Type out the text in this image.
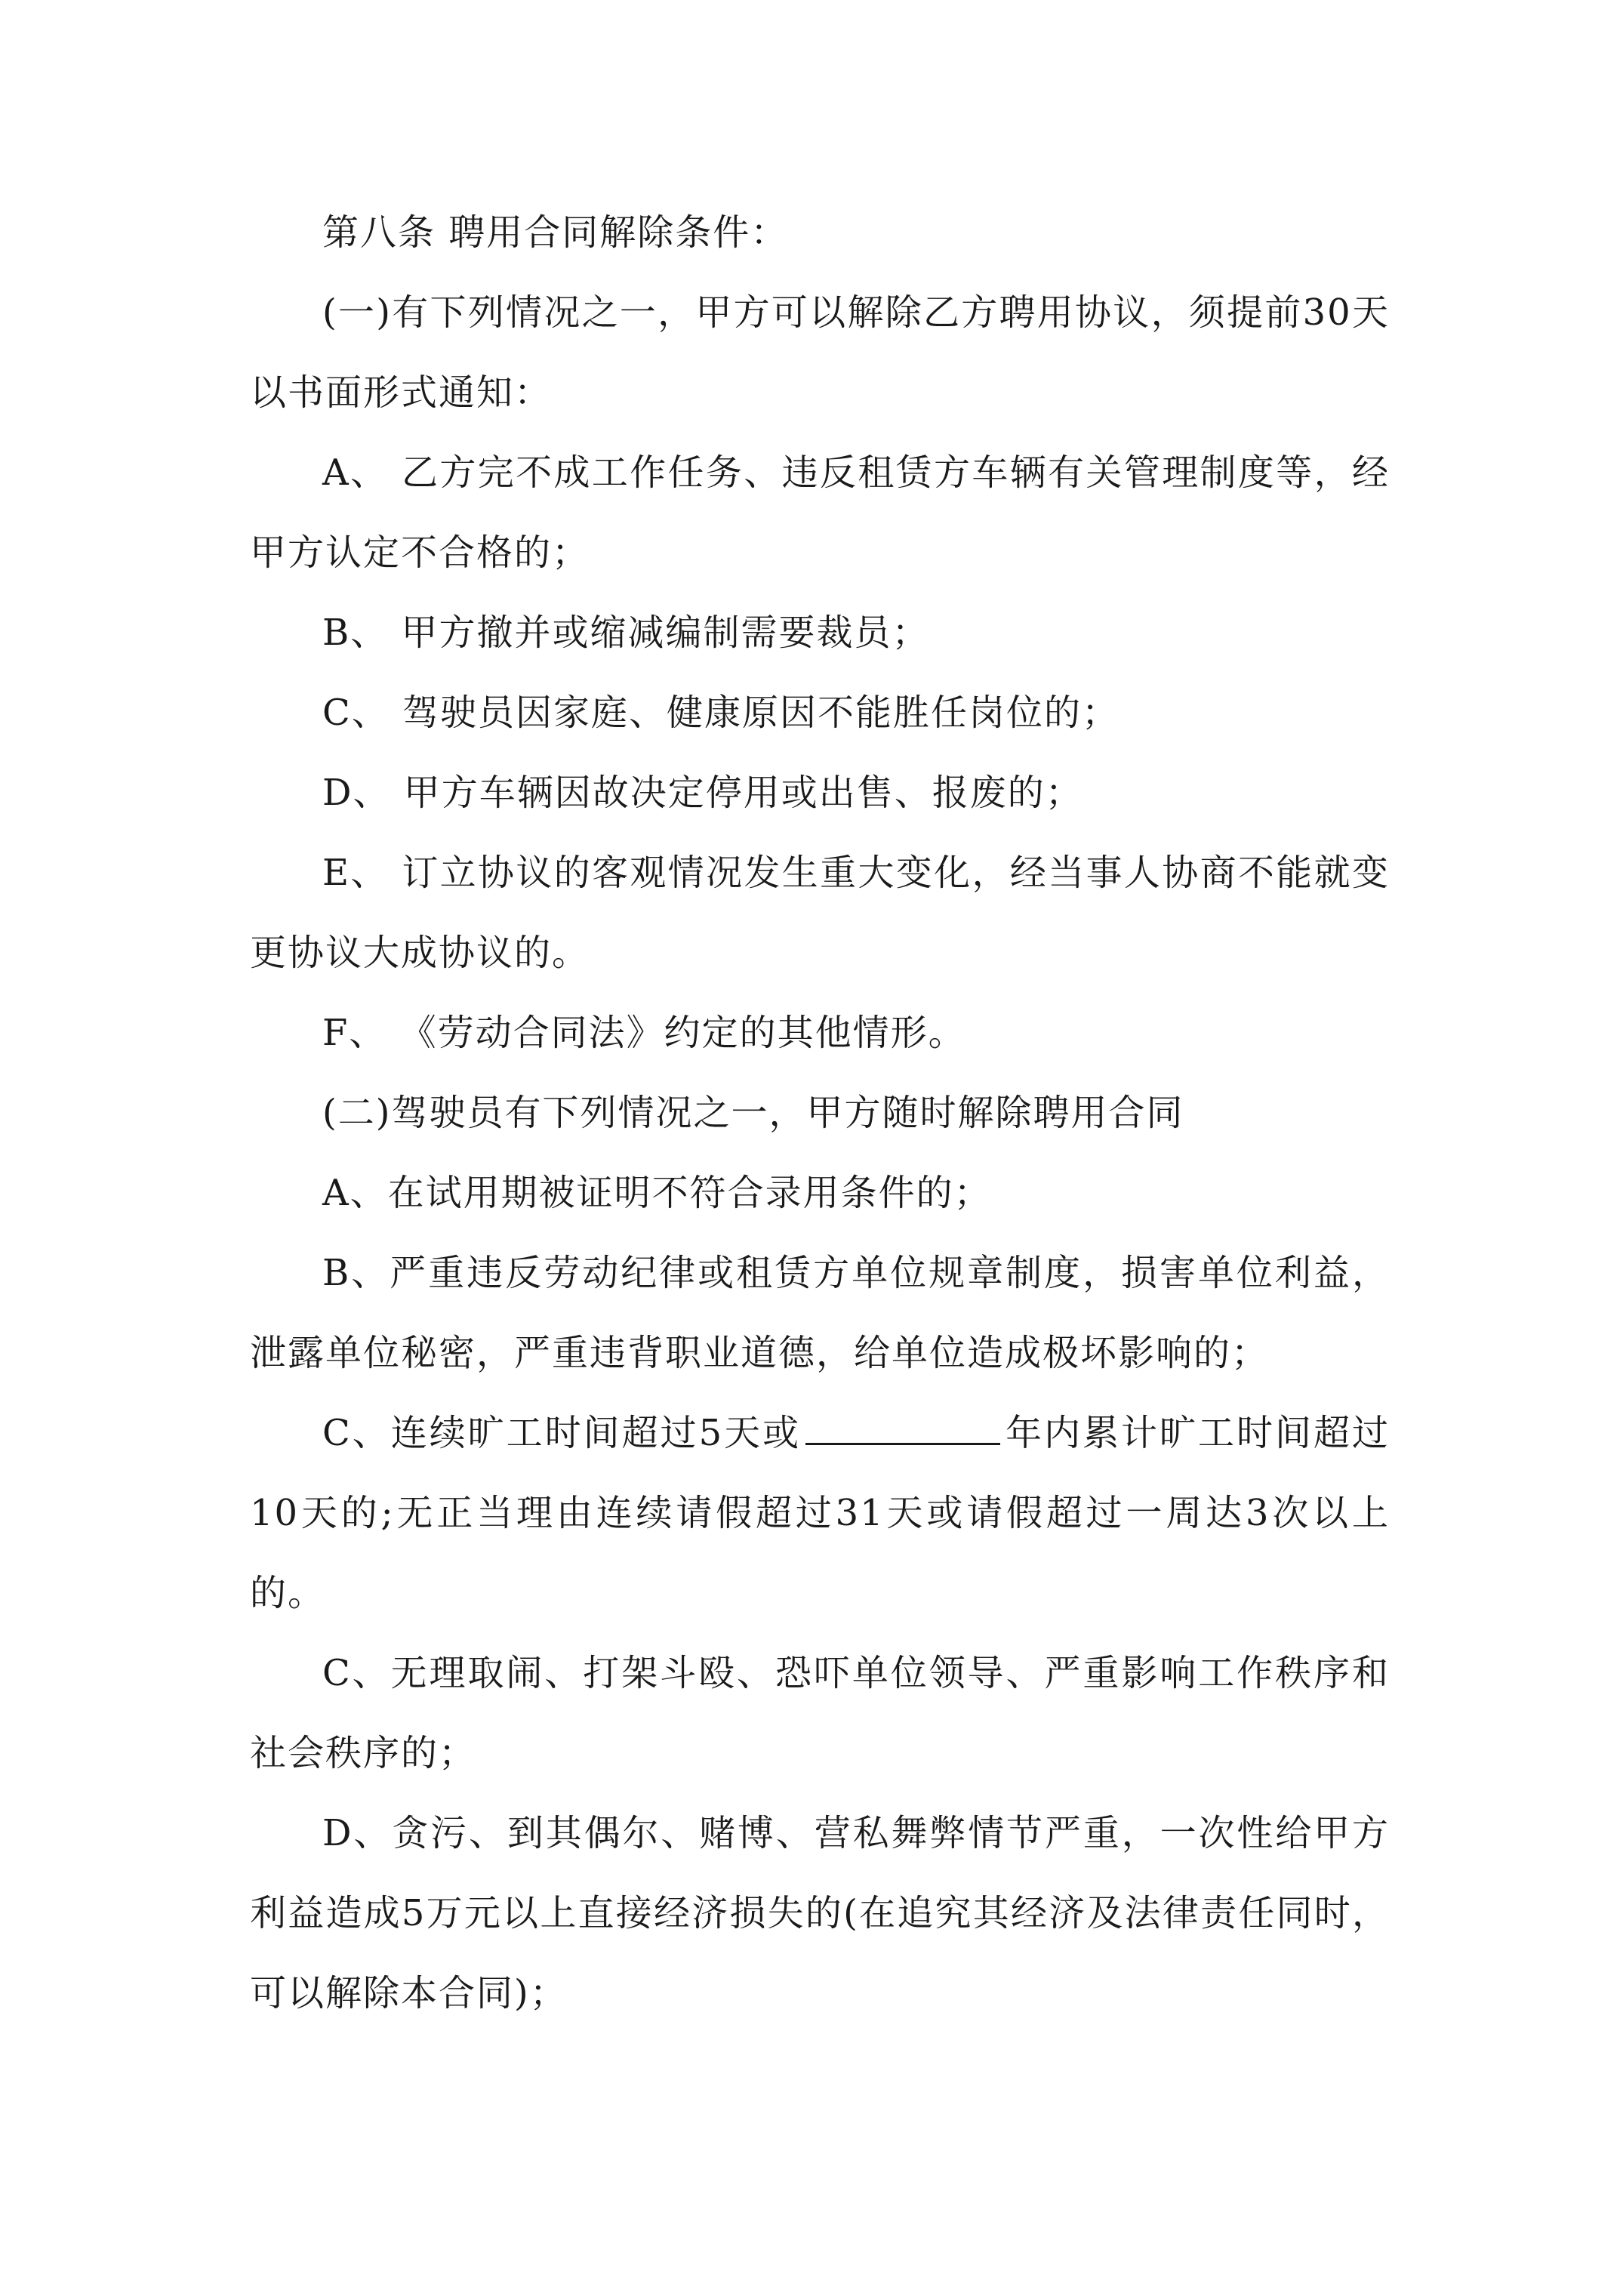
第八条 聘用合同解除条件：

(一)有下列情况之一，甲方可以解除乙方聘用协议，须提前30天以书面形式通知：

A、 乙方完不成工作任务、违反租赁方车辆有关管理制度等，经甲方认定不合格的；

B、 甲方撤并或缩减编制需要裁员；

C、 驾驶员因家庭、健康原因不能胜任岗位的；

D、 甲方车辆因故决定停用或出售、报废的；

E、 订立协议的客观情况发生重大变化，经当事人协商不能就变更协议大成协议的。

F、 《劳动合同法》约定的其他情形。

(二)驾驶员有下列情况之一，甲方随时解除聘用合同

A、在试用期被证明不符合录用条件的；

B、严重违反劳动纪律或租赁方单位规章制度，损害单位利益，泄露单位秘密，严重违背职业道德，给单位造成极坏影响的；

C、连续旷工时间超过5天或	年内累计旷工时间超过10天的;无正当理由连续请假超过31天或请假超过一周达3次以上的。

C、无理取闹、打架斗殴、恐吓单位领导、严重影响工作秩序和社会秩序的；

D、贪污、到其偶尔、赌博、营私舞弊情节严重，一次性给甲方利益造成5万元以上直接经济损失的(在追究其经济及法律责任同时，可以解除本合同)；
